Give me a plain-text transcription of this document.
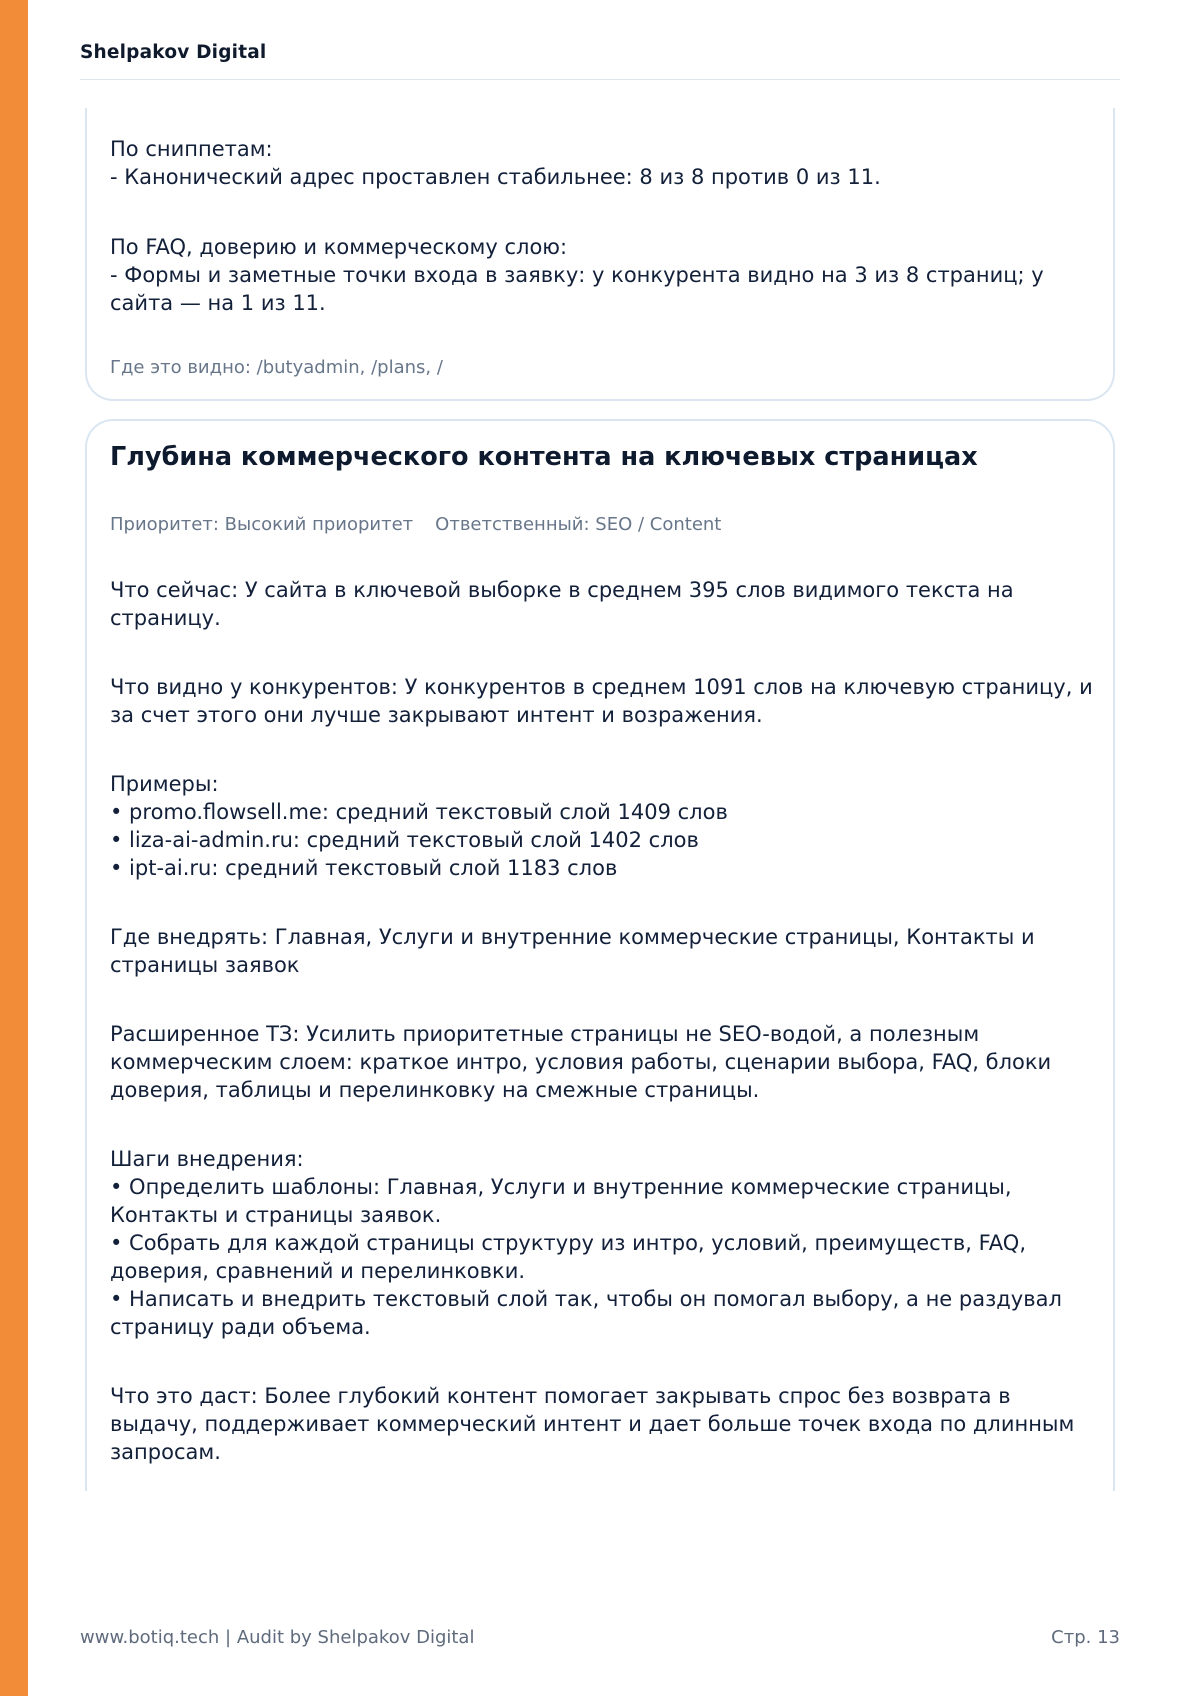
Shelpakov Digital
По сниппетам:
- Канонический адрес проставлен стабильнее: 8 из 8 против 0 из 11.
По FAQ, доверию и коммерческому слою:
- Формы и заметные точки входа в заявку: у конкурента видно на 3 из 8 страниц; у
сайта — на 1 из 11.
Где это видно: /butyadmin, /plans, /
Глубина коммерческого контента на ключевых страницах
Приоритет: Высокий приоритет Ответственный: SEO / Content
Что сейчас: У сайта в ключевой выборке в среднем 395 слов видимого текста на
страницу.
Что видно у конкурентов: У конкурентов в среднем 1091 слов на ключевую страницу, и
за счет этого они лучше закрывают интент и возражения.
Примеры:
• promo.flowsell.me: средний текстовый слой 1409 слов
• liza-ai-admin.ru: средний текстовый слой 1402 слов
• ipt-ai.ru: средний текстовый слой 1183 слов
Где внедрять: Главная, Услуги и внутренние коммерческие страницы, Контакты и
страницы заявок
Расширенное ТЗ: Усилить приоритетные страницы не SEO-водой, а полезным
коммерческим слоем: краткое интро, условия работы, сценарии выбора, FAQ, блоки
доверия, таблицы и перелинковку на смежные страницы.
Шаги внедрения:
• Определить шаблоны: Главная, Услуги и внутренние коммерческие страницы,
Контакты и страницы заявок.
• Собрать для каждой страницы структуру из интро, условий, преимуществ, FAQ,
доверия, сравнений и перелинковки.
• Написать и внедрить текстовый слой так, чтобы он помогал выбору, а не раздувал
страницу ради объема.
Что это даст: Более глубокий контент помогает закрывать спрос без возврата в
выдачу, поддерживает коммерческий интент и дает больше точек входа по длинным
запросам.
www.botiq.tech | Audit by Shelpakov Digital	Стр. 13
